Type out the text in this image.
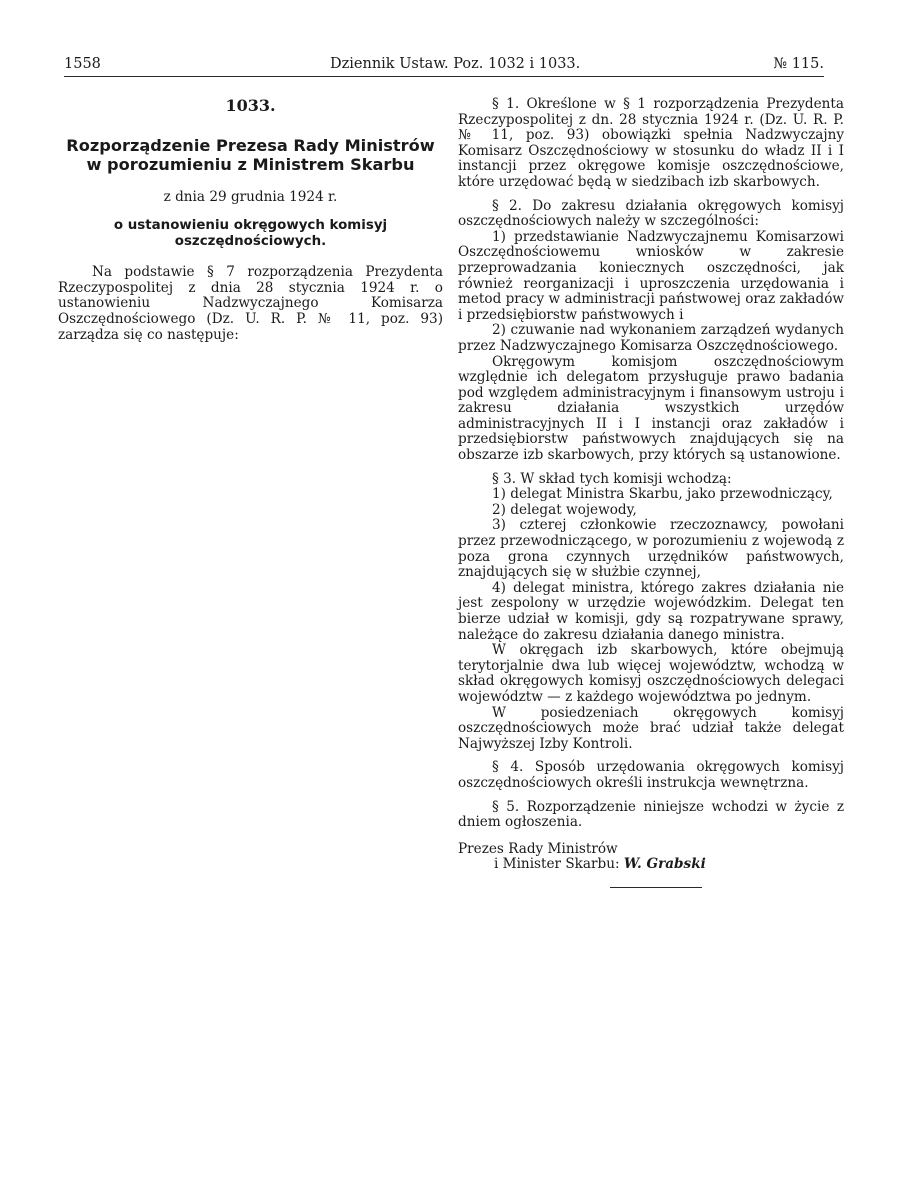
1558	Dziennik Ustaw. Poz. 1032 i 1033.	№ 115.
1033.
Rozporządzenie Prezesa Rady Ministrów w porozumieniu z Ministrem Skarbu
z dnia 29 grudnia 1924 r.
o ustanowieniu okręgowych komisyj oszczędnościowych.

Na podstawie § 7 rozporządzenia Prezydenta Rzeczypospolitej z dnia 28 stycznia 1924 r. o ustanowieniu Nadzwyczajnego Komisarza Oszczędnościowego (Dz. U. R. P. № 11, poz. 93) zarządza się co następuje:

§ 1. Określone w § 1 rozporządzenia Prezydenta Rzeczypospolitej z dn. 28 stycznia 1924 r. (Dz. U. R. P. № 11, poz. 93) obowiązki spełnia Nadzwyczajny Komisarz Oszczędnościowy w stosunku do władz II i I instancji przez okręgowe komisje oszczędnościowe, które urzędować będą w siedzibach izb skarbowych.

§ 2. Do zakresu działania okręgowych komisyj oszczędnościowych należy w szczególności:

1) przedstawianie Nadzwyczajnemu Komisarzowi Oszczędnościowemu wniosków w zakresie przeprowadzania koniecznych oszczędności, jak również reorganizacji i uproszczenia urzędowania i metod pracy w administracji państwowej oraz zakładów i przedsiębiorstw państwowych i

2) czuwanie nad wykonaniem zarządzeń wydanych przez Nadzwyczajnego Komisarza Oszczędnościowego.

Okręgowym komisjom oszczędnościowym względnie ich delegatom przysługuje prawo badania pod względem administracyjnym i finansowym ustroju i zakresu działania wszystkich urzędów administracyjnych II i I instancji oraz zakładów i przedsiębiorstw państwowych znajdujących się na obszarze izb skarbowych, przy których są ustanowione.

§ 3. W skład tych komisji wchodzą:

1) delegat Ministra Skarbu, jako przewodniczący,

2) delegat wojewody,

3) czterej członkowie rzeczoznawcy, powołani przez przewodniczącego, w porozumieniu z wojewodą z poza grona czynnych urzędników państwowych, znajdujących się w służbie czynnej,

4) delegat ministra, którego zakres działania nie jest zespolony w urzędzie wojewódzkim. Delegat ten bierze udział w komisji, gdy są rozpatrywane sprawy, należące do zakresu działania danego ministra.

W okręgach izb skarbowych, które obejmują terytorjalnie dwa lub więcej województw, wchodzą w skład okręgowych komisyj oszczędnościowych delegaci województw — z każdego województwa po jednym.

W posiedzeniach okręgowych komisyj oszczędnościowych może brać udział także delegat Najwyższej Izby Kontroli.

§ 4. Sposób urzędowania okręgowych komisyj oszczędnościowych określi instrukcja wewnętrzna.

§ 5. Rozporządzenie niniejsze wchodzi w życie z dniem ogłoszenia.

Prezes Rady Ministrów

i Minister Skarbu: W. Grabski
